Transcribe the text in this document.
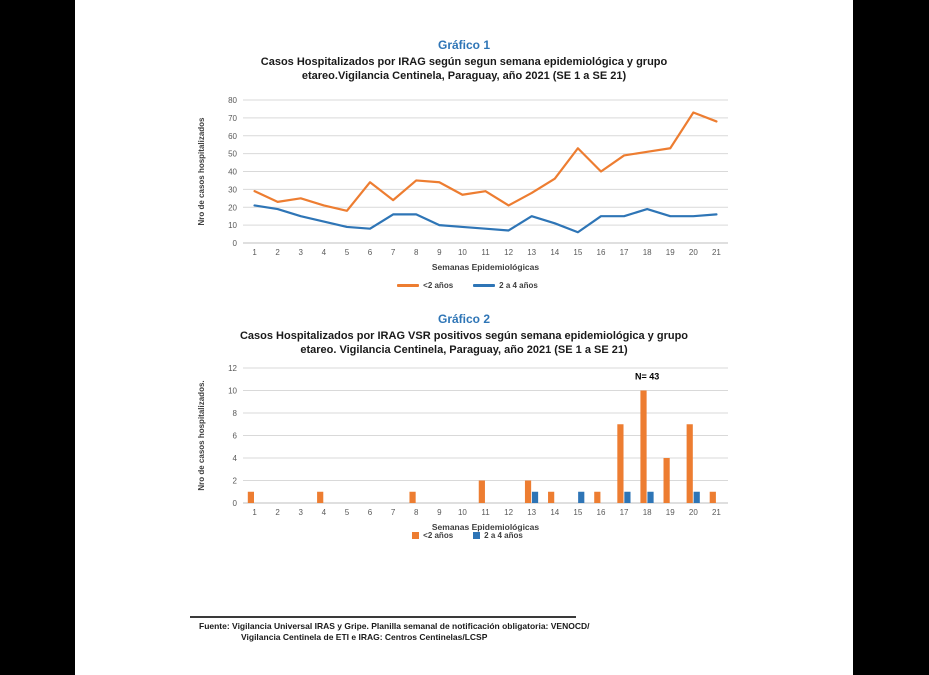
Gráfico 1
Casos Hospitalizados por IRAG según segun semana epidemiológica y grupo
etareo.Vigilancia Centinela, Paraguay, año 2021 (SE 1 a SE 21)
0
10
20
30
40
50
60
70
80
1 2 3 4 5 6 7 8 9 10 11 12 13 14 15 16 17 18 19 20 21
Semanas Epidemiológicas
Nro de casos hospitalizados
<2 años	2 a 4 años
Gráfico 2
Casos Hospitalizados por IRAG VSR positivos según semana epidemiológica y grupo
etareo. Vigilancia Centinela, Paraguay, año 2021 (SE 1 a SE 21)
0
2
4
6
8
10
12
1 2 3 4 5 6 7 8 9 10 11 12 13 14 15 16 17 18 19 20 21
Semanas Epidemiológicas
Nro de casos hospitalizados.
N= 43
<2 años	2 a 4 años
Fuente: Vigilancia Universal IRAS y Gripe. Planilla semanal de notificación obligatoria: VENOCD/
Vigilancia Centinela de ETI e IRAG: Centros Centinelas/LCSP
